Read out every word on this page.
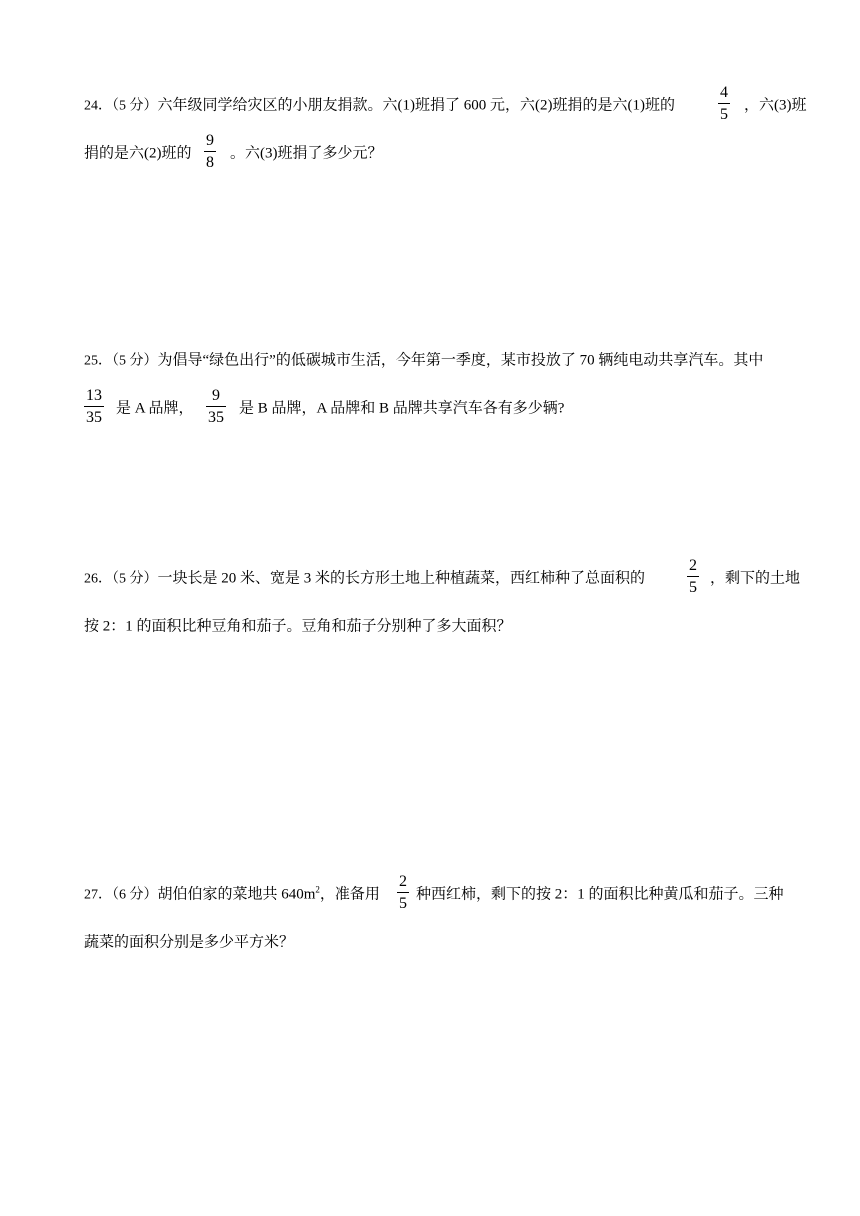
24．（5 分）六年级同学给灾区的小朋友捐款。六(1)班捐了 600 元，六(2)班捐的是六(1)班的
4
5
，六(3)班
捐的是六(2)班的
9
8
。六(3)班捐了多少元？
25．（5 分）为倡导“绿色出行”的低碳城市生活，今年第一季度，某市投放了 70 辆纯电动共享汽车。其中
13
35
是 A 品牌，
9
35
是 B 品牌，A 品牌和 B 品牌共享汽车各有多少辆?
26．（5 分）一块长是 20 米、宽是 3 米的长方形土地上种植蔬菜，西红柿种了总面积的
2
5
，剩下的土地
按 2：1 的面积比种豆角和茄子。豆角和茄子分别种了多大面积？
27．（6 分）胡伯伯家的菜地共 $640m^2$，准备用
2
5
种西红柿，剩下的按 2：1 的面积比种黄瓜和茄子。三种
蔬菜的面积分别是多少平方米？
